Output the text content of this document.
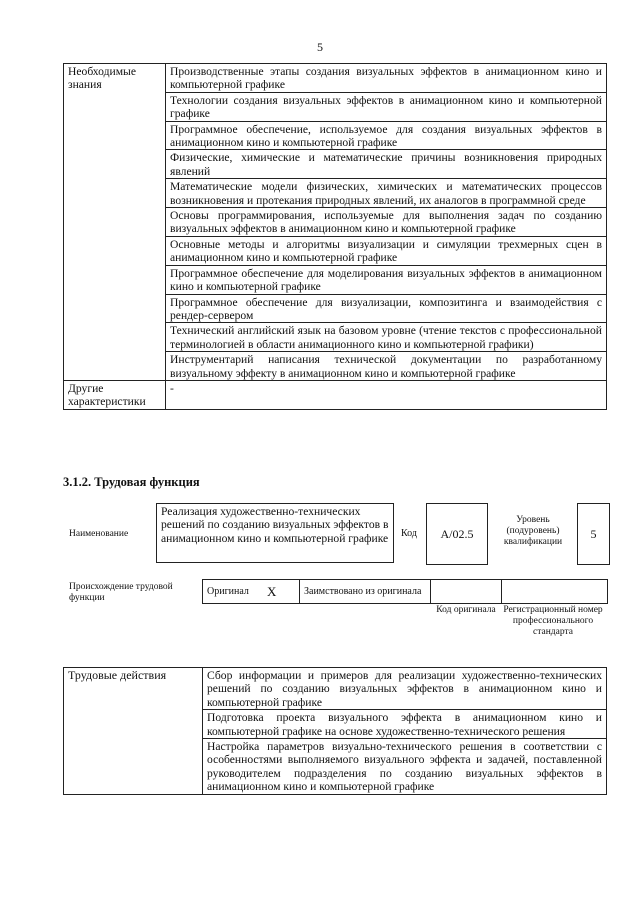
5
Необходимые знания	Производственные этапы создания визуальных эффектов в анимационном кино и компьютерной графике
	Технологии создания визуальных эффектов в анимационном кино и компьютерной графике
	Программное обеспечение, используемое для создания визуальных эффектов в анимационном кино и компьютерной графике
	Физические, химические и математические причины возникновения природных явлений
	Математические модели физических, химических и математических процессов возникновения и протекания природных явлений, их аналогов в программной среде
	Основы программирования, используемые для выполнения задач по созданию визуальных эффектов в анимационном кино и компьютерной графике
	Основные методы и алгоритмы визуализации и симуляции трехмерных сцен в анимационном кино и компьютерной графике
	Программное обеспечение для моделирования визуальных эффектов в анимационном кино и компьютерной графике
	Программное обеспечение для визуализации, композитинга и взаимодействия с рендер-сервером
	Технический английский язык на базовом уровне (чтение текстов с профессиональной терминологией в области анимационного кино и компьютерной графики)
	Инструментарий написания технической документации по разработанному визуальному эффекту в анимационном кино и компьютерной графике
Другие характеристики	-
3.1.2. Трудовая функция
Наименование
Реализация художественно-технических решений по созданию визуальных эффектов в анимационном кино и компьютерной графике	Код	A/02.5
Уровень (подуровень) квалификации
5
Происхождение трудовой функции
Оригинал	X	Заимствовано из оригинала		
Код оригинала Регистрационный номер профессионального стандарта
Трудовые действия	Сбор информации и примеров для реализации художественно-технических решений по созданию визуальных эффектов в анимационном кино и компьютерной графике
Подготовка проекта визуального эффекта в анимационном кино и компьютерной графике на основе художественно-технического решения
Настройка параметров визуально-технического решения в соответствии с особенностями выполняемого визуального эффекта и задачей, поставленной руководителем подразделения по созданию визуальных эффектов в анимационном кино и компьютерной графике
